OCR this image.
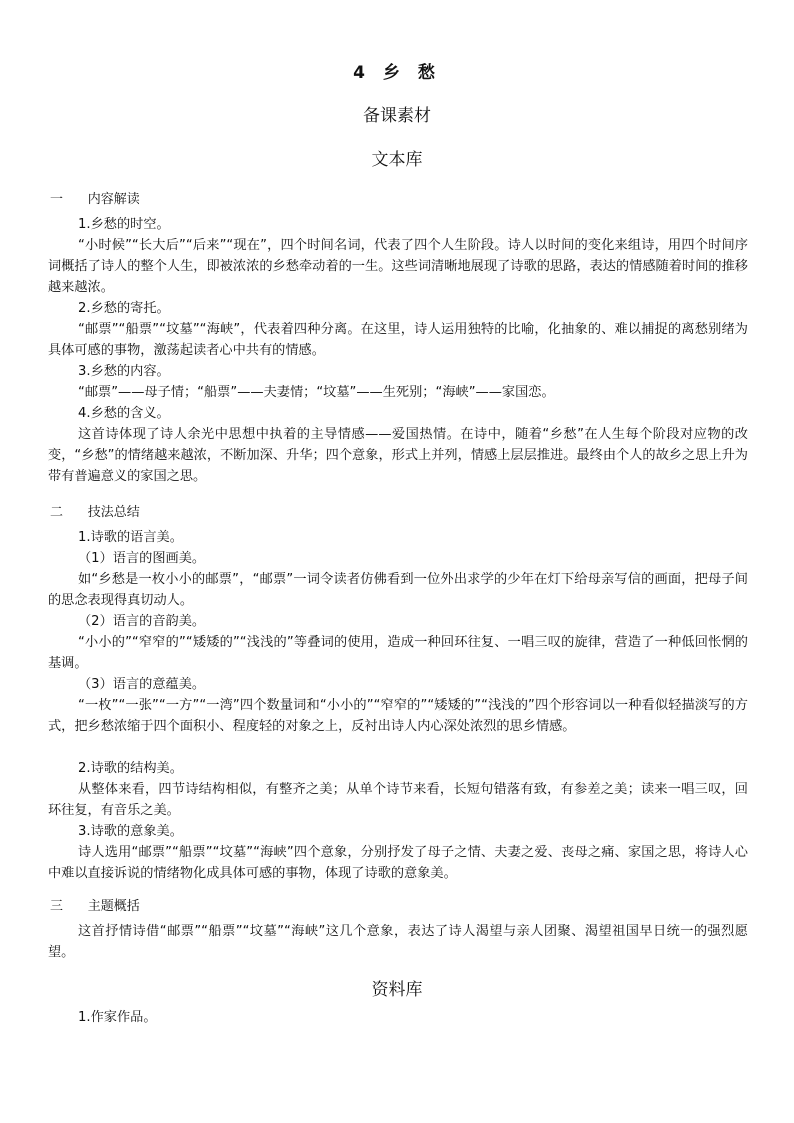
4 乡 愁
备课素材
文本库
一      内容解读
1.乡愁的时空。

“小时候”“长大后”“后来”“现在”，四个时间名词，代表了四个人生阶段。诗人以时间的变化来组诗，用四个时间序词概括了诗人的整个人生，即被浓浓的乡愁牵动着的一生。这些词清晰地展现了诗歌的思路，表达的情感随着时间的推移越来越浓。

2.乡愁的寄托。

“邮票”“船票”“坟墓”“海峡”，代表着四种分离。在这里，诗人运用独特的比喻，化抽象的、难以捕捉的离愁别绪为具体可感的事物，激荡起读者心中共有的情感。

3.乡愁的内容。

“邮票”——母子情；“船票”——夫妻情；“坟墓”——生死别；“海峡”——家国恋。

4.乡愁的含义。

这首诗体现了诗人余光中思想中执着的主导情感——爱国热情。在诗中，随着“乡愁”在人生每个阶段对应物的改变，“乡愁”的情绪越来越浓，不断加深、升华；四个意象，形式上并列，情感上层层推进。最终由个人的故乡之思上升为带有普遍意义的家国之思。

二      技法总结
1.诗歌的语言美。
（1）语言的图画美。

如“乡愁是一枚小小的邮票”，“邮票”一词令读者仿佛看到一位外出求学的少年在灯下给母亲写信的画面，把母子间的思念表现得真切动人。

（2）语言的音韵美。

“小小的”“窄窄的”“矮矮的”“浅浅的”等叠词的使用，造成一种回环往复、一唱三叹的旋律，营造了一种低回怅惘的基调。

（3）语言的意蕴美。

“一枚”“一张”“一方”“一湾”四个数量词和“小小的”“窄窄的”“矮矮的”“浅浅的”四个形容词以一种看似轻描淡写的方式，把乡愁浓缩于四个面积小、程度轻的对象之上，反衬出诗人内心深处浓烈的思乡情感。

2.诗歌的结构美。

从整体来看，四节诗结构相似，有整齐之美；从单个诗节来看，长短句错落有致，有参差之美；读来一唱三叹，回环往复，有音乐之美。

3.诗歌的意象美。

诗人选用“邮票”“船票”“坟墓”“海峡”四个意象，分别抒发了母子之情、夫妻之爱、丧母之痛、家国之思，将诗人心中难以直接诉说的情绪物化成具体可感的事物，体现了诗歌的意象美。

三      主题概括

这首抒情诗借“邮票”“船票”“坟墓”“海峡”这几个意象，表达了诗人渴望与亲人团聚、渴望祖国早日统一的强烈愿望。

资料库
1.作家作品。
